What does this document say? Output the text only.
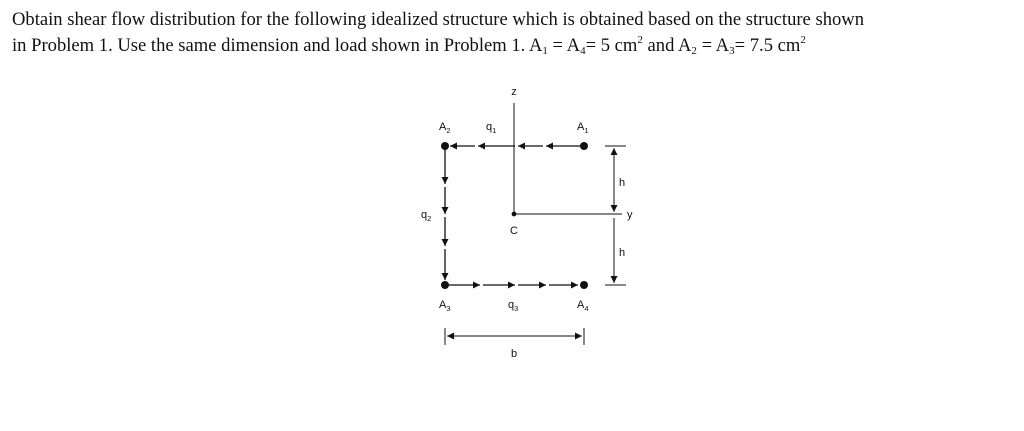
Obtain shear flow distribution for the following idealized structure which is obtained based on the structure shown

in Problem 1. Use the same dimension and load shown in Problem 1. $A_1 = A_4= 5$ $cm^2$ and $A_2 = A_3= 7.5$ $cm^2$

z
y
C
$A_2$	$A_1$
$A_3$	$A_4$
$q_1$
$q_2$
$q_3$
h
h
b
